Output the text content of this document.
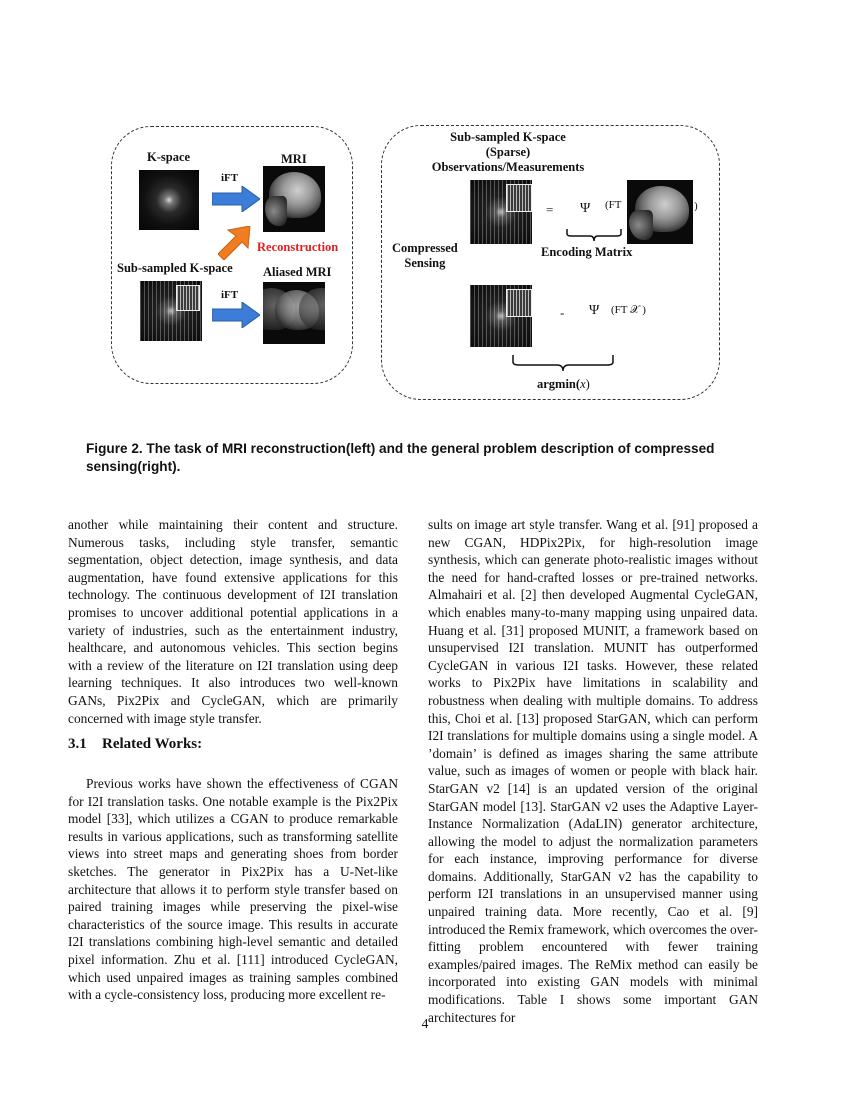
K-space	MRI
iFT
Reconstruction
Sub-sampled K-space Aliased MRI
iFT
Sub-sampled K-space
(Sparse)
Observations/Measurements
= Ψ (FT	)
Compressed
Sensing
Encoding Matrix
- Ψ (FT 𝒳 )
argmin(x)
Figure 2. The task of MRI reconstruction(left) and the general problem description of compressed sensing(right).

another while maintaining their content and structure. Numerous tasks, including style transfer, semantic segmentation, object detection, image synthesis, and data augmentation, have found extensive applications for this technology. The continuous development of I2I translation promises to uncover additional potential applications in a variety of industries, such as the entertainment industry, healthcare, and autonomous vehicles. This section begins with a review of the literature on I2I translation using deep learning techniques. It also introduces two well-known GANs, Pix2Pix and CycleGAN, which are primarily concerned with image style transfer.

3.1 Related Works:

Previous works have shown the effectiveness of CGAN for I2I translation tasks. One notable example is the Pix2Pix model [33], which utilizes a CGAN to produce remarkable results in various applications, such as transforming satellite views into street maps and generating shoes from border sketches. The generator in Pix2Pix has a U-Net-like architecture that allows it to perform style transfer based on paired training images while preserving the pixel-wise characteristics of the source image. This results in accurate I2I translations combining high-level semantic and detailed pixel information. Zhu et al. [111] introduced CycleGAN, which used unpaired images as training samples combined with a cycle-consistency loss, producing more excellent re-

sults on image art style transfer. Wang et al. [91] proposed a new CGAN, HDPix2Pix, for high-resolution image synthesis, which can generate photo-realistic images without the need for hand-crafted losses or pre-trained networks. Almahairi et al. [2] then developed Augmental CycleGAN, which enables many-to-many mapping using unpaired data. Huang et al. [31] proposed MUNIT, a framework based on unsupervised I2I translation. MUNIT has outperformed CycleGAN in various I2I tasks. However, these related works to Pix2Pix have limitations in scalability and robustness when dealing with multiple domains. To address this, Choi et al. [13] proposed StarGAN, which can perform I2I translations for multiple domains using a single model. A ’domain’ is defined as images sharing the same attribute value, such as images of women or people with black hair. StarGAN v2 [14] is an updated version of the original StarGAN model [13]. StarGAN v2 uses the Adaptive Layer-Instance Normalization (AdaLIN) generator architecture, allowing the model to adjust the normalization parameters for each instance, improving performance for diverse domains. Additionally, StarGAN v2 has the capability to perform I2I translations in an unsupervised manner using unpaired training data. More recently, Cao et al. [9] introduced the Remix framework, which overcomes the over-fitting problem encountered with fewer training examples/paired images. The ReMix method can easily be incorporated into existing GAN models with minimal modifications. Table I shows some important GAN architectures for

4
